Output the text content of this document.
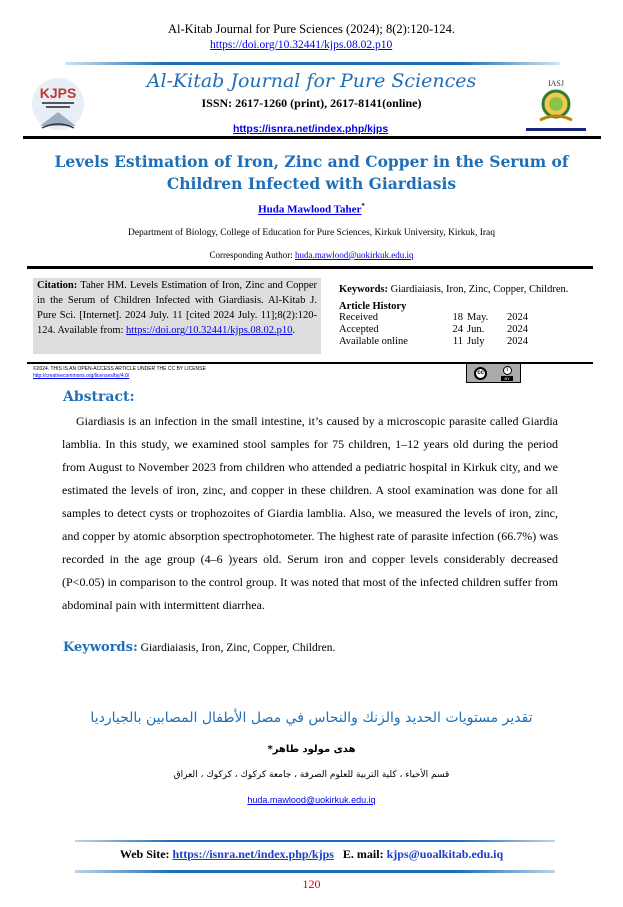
Al-Kitab Journal for Pure Sciences (2024); 8(2):120-124.
https://doi.org/10.32441/kjps.08.02.p10
KJPS
Al-Kitab Journal for Pure Sciences
ISSN: 2617-1260 (print), 2617-8141(online)
https://isnra.net/index.php/kjps
IASJ
Levels Estimation of Iron, Zinc and Copper in the Serum of
Children Infected with Giardiasis
Huda Mawlood Taher*
Department of Biology, College of Education for Pure Sciences, Kirkuk University, Kirkuk, Iraq
Corresponding Author: huda.mawlood@uokirkuk.edu.iq
Citation: Taher HM. Levels Estimation of Iron, Zinc and Copper in the Serum of Children Infected with Giardiasis. Al-Kitab J. Pure Sci. [Internet]. 2024 July. 11 [cited 2024 July. 11];8(2):120-124. Available from: https://doi.org/10.32441/kjps.08.02.p10.
Keywords: Giardiaiasis, Iron, Zinc, Copper, Children.
Article History
Received	18 May.	2024
Accepted	24 Jun.	2024
Available online	11 July	2024
©2024. THIS IS AN OPEN-ACCESS ARTICLE UNDER THE CC BY LICENSE
http://creativecommons.org/licenses/by/4.0/	cc	i
BY
Abstract:
Giardiasis is an infection in the small intestine, it’s caused by a microscopic parasite called Giardia lamblia. In this study, we examined stool samples for 75 children, 1–12 years old during the period from August to November 2023 from children who attended a pediatric hospital in Kirkuk city, and we estimated the levels of iron, zinc, and copper in these children. A stool examination was done for all samples to detect cysts or trophozoites of Giardia lamblia. Also, we measured the levels of iron, zinc, and copper by atomic absorption spectrophotometer. The highest rate of parasite infection (66.7%) was recorded in the age group (4–6 )years old. Serum iron and copper levels considerably decreased (P<0.05) in comparison to the control group. It was noted that most of the infected children suffer from abdominal pain with intermittent diarrhea.
Keywords: Giardiaiasis, Iron, Zinc, Copper, Children.
تقدير مستويات الحديد والزنك والنحاس في مصل الأطفال المصابين بالجيارديا
هدى مولود طاهر*
قسم الأحياء ، كلية التربية للعلوم الصرفة ، جامعة كركوك ، كركوك ، العراق
huda.mawlood@uokirkuk.edu.iq
Web Site: https://isnra.net/index.php/kjps E. mail: kjps@uoalkitab.edu.iq
120
